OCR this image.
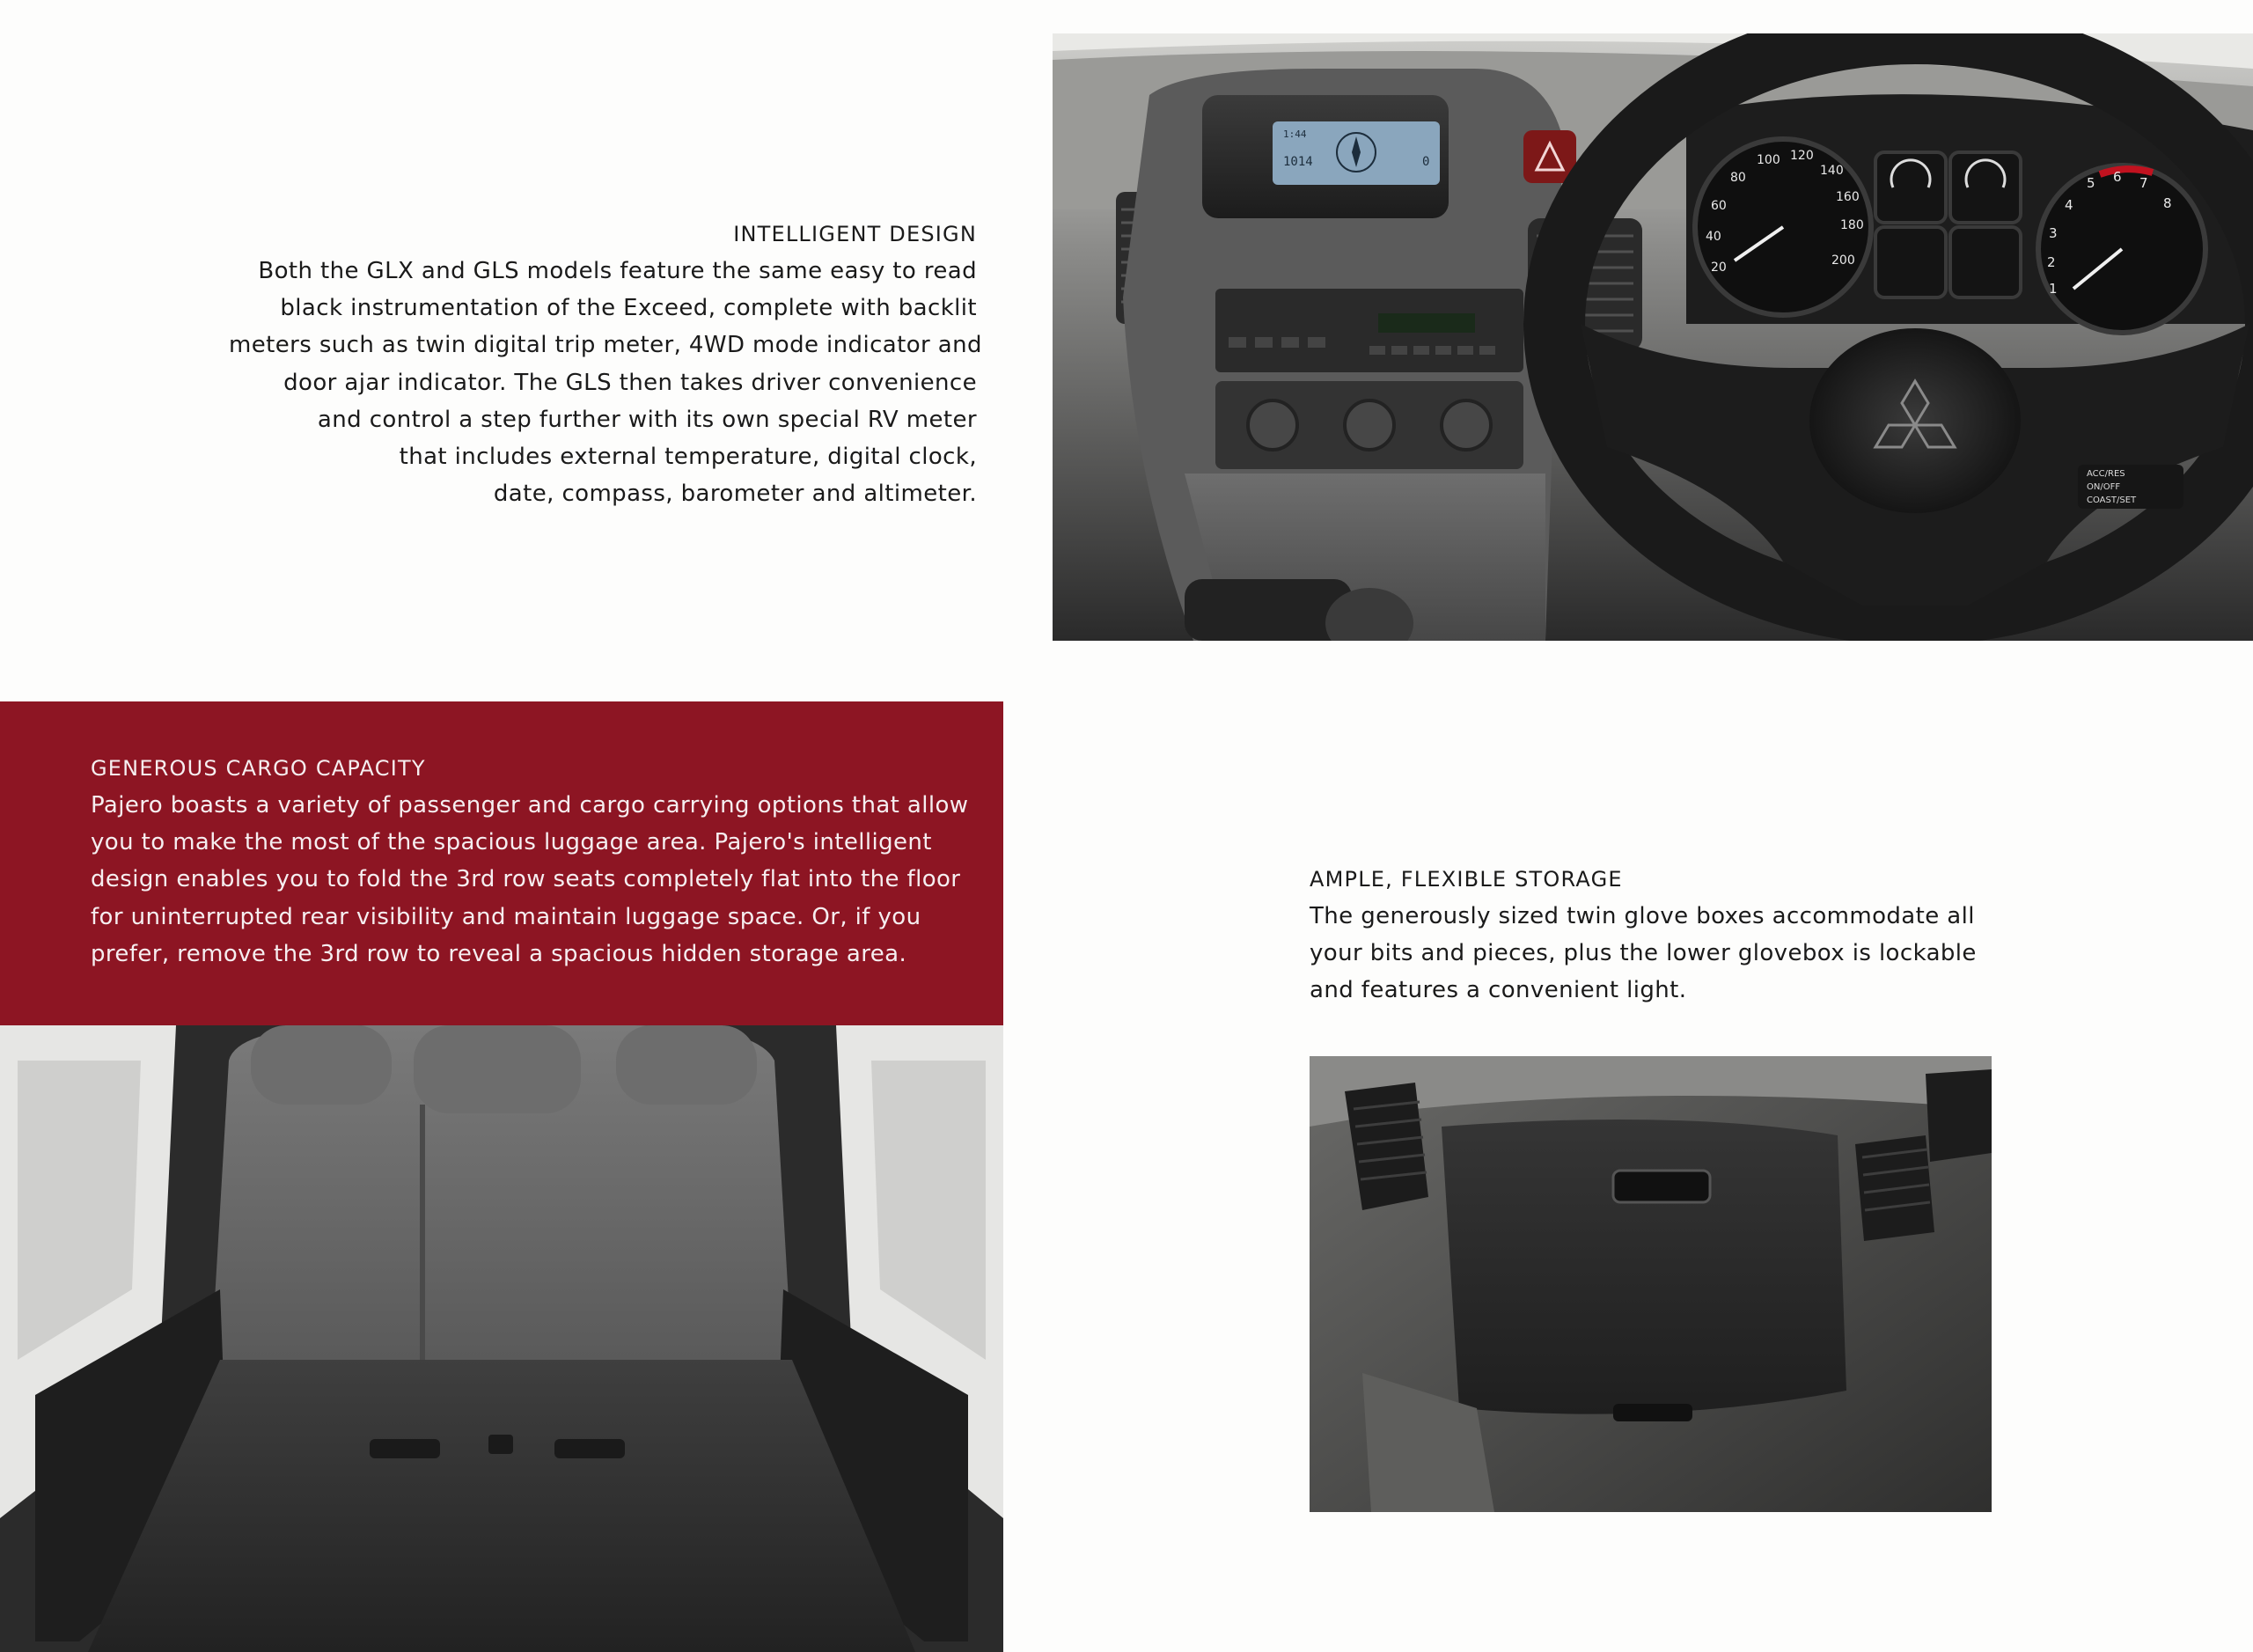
INTELLIGENT DESIGN

Both the GLX and GLS models feature the same easy to read
black instrumentation of the Exceed, complete with backlit
meters such as twin digital trip meter, 4WD mode indicator and
door ajar indicator. The GLS then takes driver convenience
and control a step further with its own special RV meter
that includes external temperature, digital clock,
date, compass, barometer and altimeter.

1:44
1014	0
20
40
60
80
100 120
140
160
180
200
1
2
3
4
5 6 7
8
ACC/RES
ON/OFF
COAST/SET
GENEROUS CARGO CAPACITY

Pajero boasts a variety of passenger and cargo carrying options that allow
you to make the most of the spacious luggage area. Pajero's intelligent
design enables you to fold the 3rd row seats completely flat into the floor
for uninterrupted rear visibility and maintain luggage space. Or, if you
prefer, remove the 3rd row to reveal a spacious hidden storage area.

AMPLE, FLEXIBLE STORAGE

The generously sized twin glove boxes accommodate all
your bits and pieces, plus the lower glovebox is lockable
and features a convenient light.
